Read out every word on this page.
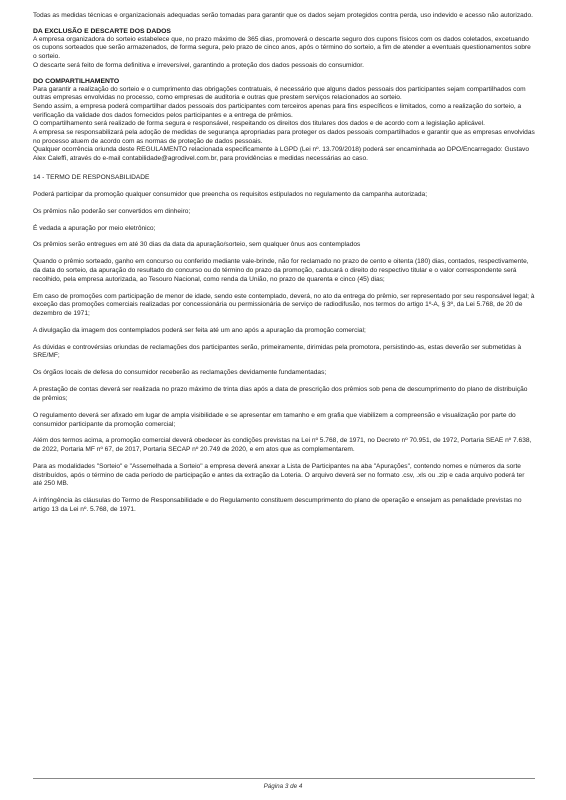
Todas as medidas técnicas e organizacionais adequadas serão tomadas para garantir que os dados sejam protegidos contra perda, uso indevido e acesso não autorizado.

DA EXCLUSÃO E DESCARTE DOS DADOS

A empresa organizadora do sorteio estabelece que, no prazo máximo de 365 dias, promoverá o descarte seguro dos cupons físicos com os dados coletados, excetuando os cupons sorteados que serão armazenados, de forma segura, pelo prazo de cinco anos, após o término do sorteio, a fim de atender a eventuais questionamentos sobre o sorteio.

O descarte será feito de forma definitiva e irreversível, garantindo a proteção dos dados pessoais do consumidor.

DO COMPARTILHAMENTO

Para garantir a realização do sorteio e o cumprimento das obrigações contratuais, é necessário que alguns dados pessoais dos participantes sejam compartilhados com outras empresas envolvidas no processo, como empresas de auditoria e outras que prestem serviços relacionados ao sorteio.

Sendo assim, a empresa poderá compartilhar dados pessoais dos participantes com terceiros apenas para fins específicos e limitados, como a realização do sorteio, a verificação da validade dos dados fornecidos pelos participantes e a entrega de prêmios.

O compartilhamento será realizado de forma segura e responsável, respeitando os direitos dos titulares dos dados e de acordo com a legislação aplicável.

A empresa se responsabilizará pela adoção de medidas de segurança apropriadas para proteger os dados pessoais compartilhados e garantir que as empresas envolvidas no processo atuem de acordo com as normas de proteção de dados pessoais.

Qualquer ocorrência oriunda deste REGULAMENTO relacionada especificamente à LGPD (Lei nº. 13.709/2018) poderá ser encaminhada ao DPO/Encarregado: Gustavo Alex Caleffi, através do e-mail contabilidade@agrodivel.com.br, para providências e medidas necessárias ao caso.

14 - TERMO DE RESPONSABILIDADE

Poderá participar da promoção qualquer consumidor que preencha os requisitos estipulados no regulamento da campanha autorizada;

Os prêmios não poderão ser convertidos em dinheiro;

É vedada a apuração por meio eletrônico;

Os prêmios serão entregues em até 30 dias da data da apuração/sorteio, sem qualquer ônus aos contemplados

Quando o prêmio sorteado, ganho em concurso ou conferido mediante vale-brinde, não for reclamado no prazo de cento e oitenta (180) dias, contados, respectivamente, da data do sorteio, da apuração do resultado do concurso ou do término do prazo da promoção, caducará o direito do respectivo titular e o valor correspondente será recolhido, pela empresa autorizada, ao Tesouro Nacional, como renda da União, no prazo de quarenta e cinco (45) dias;

Em caso de promoções com participação de menor de idade, sendo este contemplado, deverá, no ato da entrega do prêmio, ser representado por seu responsável legal; à exceção das promoções comerciais realizadas por concessionária ou permissionária de serviço de radiodifusão, nos termos do artigo 1º-A, § 3º, da Lei 5.768, de 20 de dezembro de 1971;

A divulgação da imagem dos contemplados poderá ser feita até um ano após a apuração da promoção comercial;

As dúvidas e controvérsias oriundas de reclamações dos participantes serão, primeiramente, dirimidas pela promotora, persistindo-as, estas deverão ser submetidas à SRE/MF;

Os órgãos locais de defesa do consumidor receberão as reclamações devidamente fundamentadas;

A prestação de contas deverá ser realizada no prazo máximo de trinta dias após a data de prescrição dos prêmios sob pena de descumprimento do plano de distribuição de prêmios;

O regulamento deverá ser afixado em lugar de ampla visibilidade e se apresentar em tamanho e em grafia que viabilizem a compreensão e visualização por parte do consumidor participante da promoção comercial;

Além dos termos acima, a promoção comercial deverá obedecer às condições previstas na Lei nº 5.768, de 1971, no Decreto nº 70.951, de 1972, Portaria SEAE nº 7.638, de 2022, Portaria MF nº 67, de 2017, Portaria SECAP nº 20.749 de 2020, e em atos que as complementarem.

Para as modalidades "Sorteio" e "Assemelhada a Sorteio" a empresa deverá anexar a Lista de Participantes na aba "Apurações", contendo nomes e números da sorte distribuídos, após o término de cada período de participação e antes da extração da Loteria. O arquivo deverá ser no formato .csv, .xls ou .zip e cada arquivo poderá ter até 250 MB.

A infringência às cláusulas do Termo de Responsabilidade e do Regulamento constituem descumprimento do plano de operação e ensejam as penalidade previstas no artigo 13 da Lei nº. 5.768, de 1971.

Página 3 de 4
